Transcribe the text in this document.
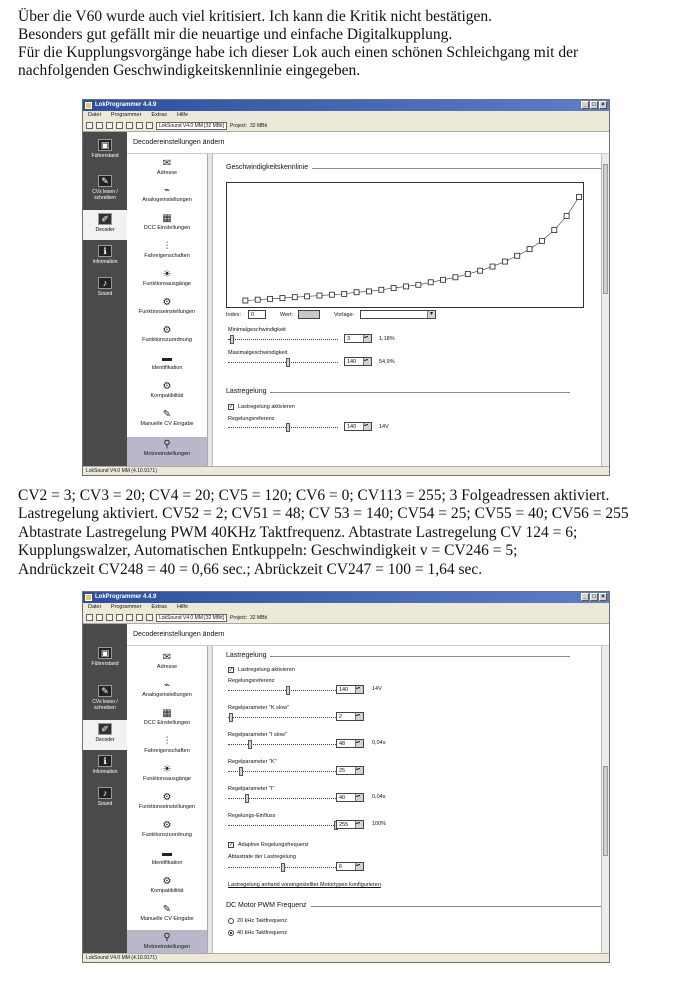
Über die V60 wurde auch viel kritisiert. Ich kann die Kritik nicht bestätigen.
Besonders gut gefällt mir die neuartige und einfache Digitalkupplung.
Für die Kupplungsvorgänge habe ich dieser Lok auch einen schönen Schleichgang mit der
nachfolgenden Geschwindigkeitskennlinie eingegeben.
LokProgrammer 4.4.9	_ □ ×
Datei Programmer Extras Hilfe
LokSound V4.0 MM [32 MBit]	Project: 32 MBit
▣
Führerstand
✎
CVs lesen / schreiben
✐
Decoder
ℹ
Information
♪
Sound
Decodereinstellungen ändern
✉
Adresse
⌁
Analogeinstellungen
▦
DCC Einstellungen
⫶
Fahreigenschaften
☀
Funktionsausgänge
⚙
Funktionseinstellungen
⚙
Funktionszuordnung
▬
Identifikation
⚙
Kompatibilität
✎
Manuelle CV Eingabe
⚲
Motoreinstellungen
Geschwindigkeitskennlinie
Index:	0	Wert:	Vorlage:
▾
Minimalgeschwindigkeit
3 ▴▾	1,18%
Maximalgeschwindigkeit
140 ▴▾	54,9%
Lastregelung
✓ Lastregelung aktivieren
Regelungsreferenz
140 ▴▾	14V
LokSound V4.0 MM (4.10.9171)
CV2 = 3; CV3 = 20; CV4 = 20; CV5 = 120; CV6 = 0; CV113 = 255; 3 Folgeadressen aktiviert.
Lastregelung aktiviert. CV52 = 2; CV51 = 48; CV 53 = 140; CV54 = 25; CV55 = 40; CV56 = 255
Abtastrate Lastregelung PWM 40KHz Taktfrequenz. Abtastrate Lastregelung CV 124 = 6;
Kupplungswalzer, Automatischen Entkuppeln: Geschwindigkeit v = CV246 = 5;
Andrückzeit CV248 = 40 = 0,66 sec.; Abrückzeit CV247 = 100 = 1,64 sec.
LokProgrammer 4.4.9	_ □ ×
Datei Programmer Extras Hilfe
LokSound V4.0 MM [32 MBit]	Project: 32 MBit
▣
Führerstand
✎
CVs lesen / schreiben
✐
Decoder
ℹ
Information
♪
Sound
Decodereinstellungen ändern
✉
Adresse
⌁
Analogeinstellungen
▦
DCC Einstellungen
⫶
Fahreigenschaften
☀
Funktionsausgänge
⚙
Funktionseinstellungen
⚙
Funktionszuordnung
▬
Identifikation
⚙
Kompatibilität
✎
Manuelle CV Eingabe
⚲
Motoreinstellungen
Lastregelung
✓ Lastregelung aktivieren
Regelungsreferenz
140 ▴▾	14V
Regelparameter "K slow"
2 ▴▾
Regelparameter "I slow"
48 ▴▾	0,04s
Regelparameter "K"
25 ▴▾
Regelparameter "I"
40 ▴▾	0,04s
Regelungs-Einfluss
255 ▴▾	100%
✓ Adaptive Regelungsfrequenz
Abtastrate der Lastregelung
6 ▴▾
Lastregelung anhand voreingestellter Motortypen konfigurieren
DC Motor PWM Frequenz
20 kHz Taktfrequenz
40 kHz Taktfrequenz
LokSound V4.0 MM (4.10.9171)
